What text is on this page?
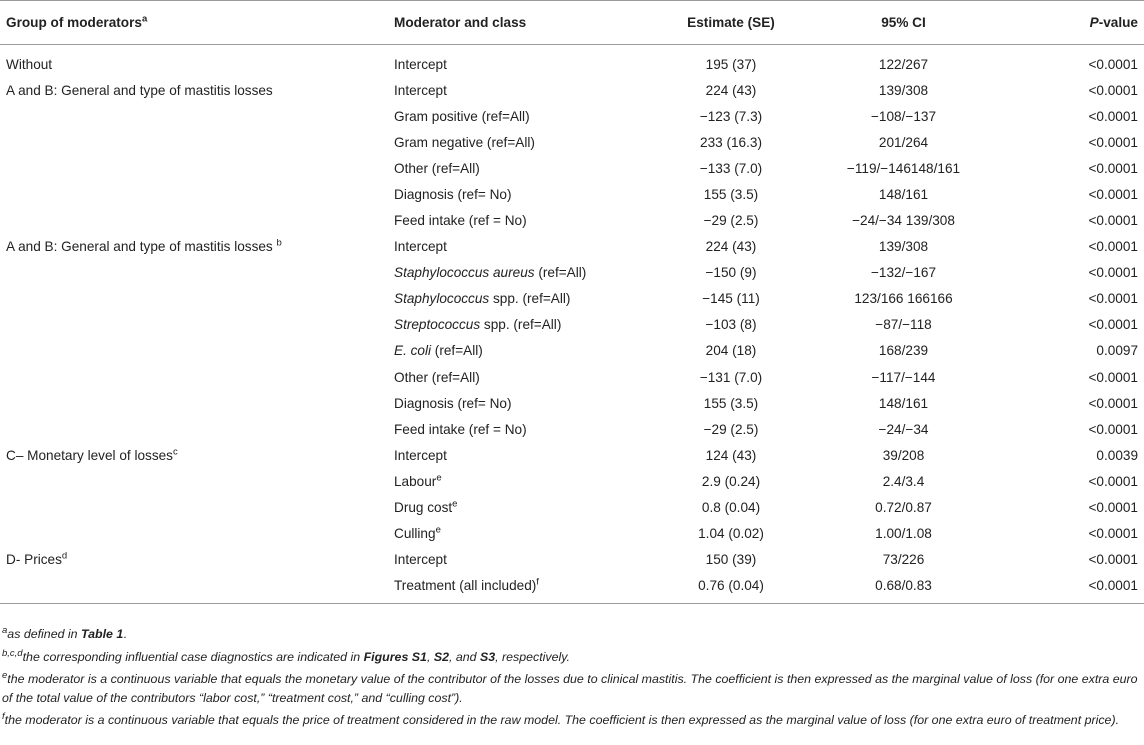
Group of moderators$^a$	Moderator and class	Estimate (SE)	95% CI	P-value
Without	Intercept	195 (37)	122/267	<0.0001
A and B: General and type of mastitis losses	Intercept	224 (43)	139/308	<0.0001
	Gram positive (ref=All)	−123 (7.3)	−108/−137	<0.0001
	Gram negative (ref=All)	233 (16.3)	201/264	<0.0001
	Other (ref=All)	−133 (7.0)	−119/−146148/161	<0.0001
	Diagnosis (ref= No)	155 (3.5)	148/161	<0.0001
	Feed intake (ref = No)	−29 (2.5)	−24/−34 139/308	<0.0001
A and B: General and type of mastitis losses $^b$	Intercept	224 (43)	139/308	<0.0001
	Staphylococcus aureus (ref=All)	−150 (9)	−132/−167	<0.0001
	Staphylococcus spp. (ref=All)	−145 (11)	123/166 166166	<0.0001
	Streptococcus spp. (ref=All)	−103 (8)	−87/−118	<0.0001
	E. coli (ref=All)	204 (18)	168/239	0.0097
	Other (ref=All)	−131 (7.0)	−117/−144	<0.0001
	Diagnosis (ref= No)	155 (3.5)	148/161	<0.0001
	Feed intake (ref = No)	−29 (2.5)	−24/−34	<0.0001
C– Monetary level of losses$^c$	Intercept	124 (43)	39/208	0.0039
	Labour$^e$	2.9 (0.24)	2.4/3.4	<0.0001
	Drug cost$^e$	0.8 (0.04)	0.72/0.87	<0.0001
	Culling$^e$	1.04 (0.02)	1.00/1.08	<0.0001
D- Prices$^d$	Intercept	150 (39)	73/226	<0.0001
	Treatment (all included)$^f$	0.76 (0.04)	0.68/0.83	<0.0001

$^a$as defined in Table 1.

$^{b,c,d}$the corresponding influential case diagnostics are indicated in Figures S1, S2, and S3, respectively.

$^e$the moderator is a continuous variable that equals the monetary value of the contributor of the losses due to clinical mastitis. The coefficient is then expressed as the marginal value of loss (for one extra euro of the total value of the contributors “labor cost,” “treatment cost,” and “culling cost”).

$^f$the moderator is a continuous variable that equals the price of treatment considered in the raw model. The coefficient is then expressed as the marginal value of loss (for one extra euro of treatment price).
